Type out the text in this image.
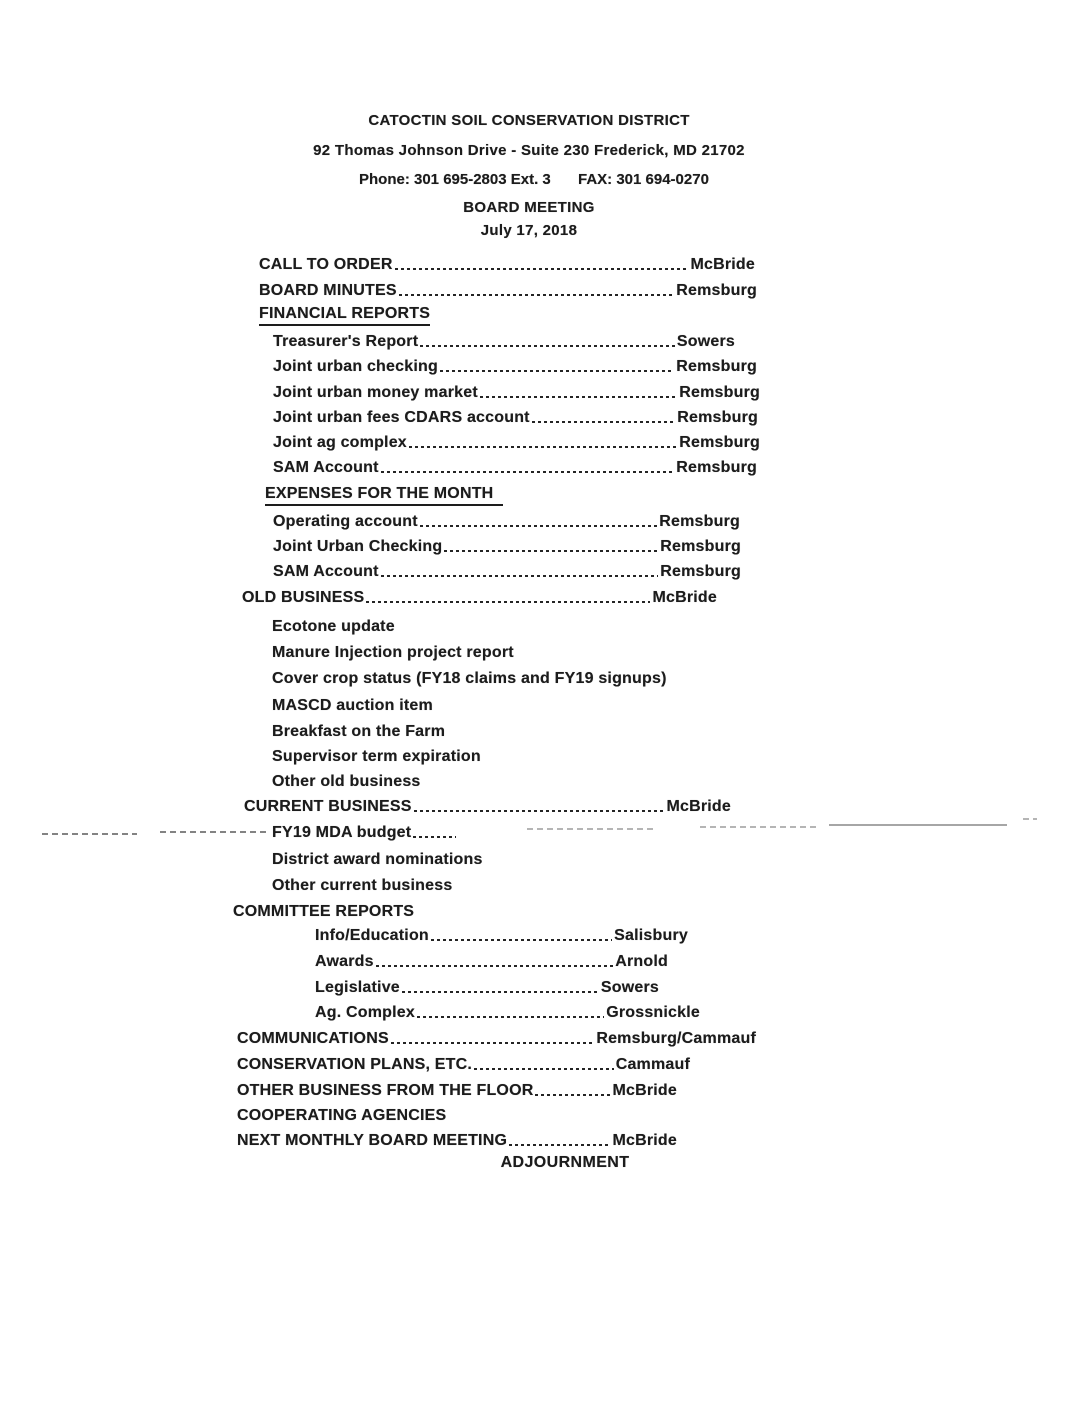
CATOCTIN SOIL CONSERVATION DISTRICT
92 Thomas Johnson Drive - Suite 230 Frederick, MD 21702
Phone: 301 695-2803 Ext. 3 FAX: 301 694-0270
BOARD MEETING
July 17, 2018
CALL TO ORDER	McBride
BOARD MINUTES	Remsburg
FINANCIAL REPORTS
Treasurer's Report	Sowers
Joint urban checking	Remsburg
Joint urban money market	Remsburg
Joint urban fees CDARS account	Remsburg
Joint ag complex	Remsburg
SAM Account	Remsburg
EXPENSES FOR THE MONTH
Operating account	Remsburg
Joint Urban Checking	Remsburg
SAM Account	Remsburg
OLD BUSINESS	McBride
Ecotone update
Manure Injection project report
Cover crop status (FY18 claims and FY19 signups)
MASCD auction item
Breakfast on the Farm
Supervisor term expiration
Other old business
CURRENT BUSINESS	McBride
FY19 MDA budget
District award nominations
Other current business
COMMITTEE REPORTS
Info/Education	Salisbury
Awards	Arnold
Legislative	Sowers
Ag. Complex	Grossnickle
COMMUNICATIONS	Remsburg/Cammauf
CONSERVATION PLANS, ETC.	Cammauf
OTHER BUSINESS FROM THE FLOOR	McBride
COOPERATING AGENCIES
NEXT MONTHLY BOARD MEETING	McBride
ADJOURNMENT
